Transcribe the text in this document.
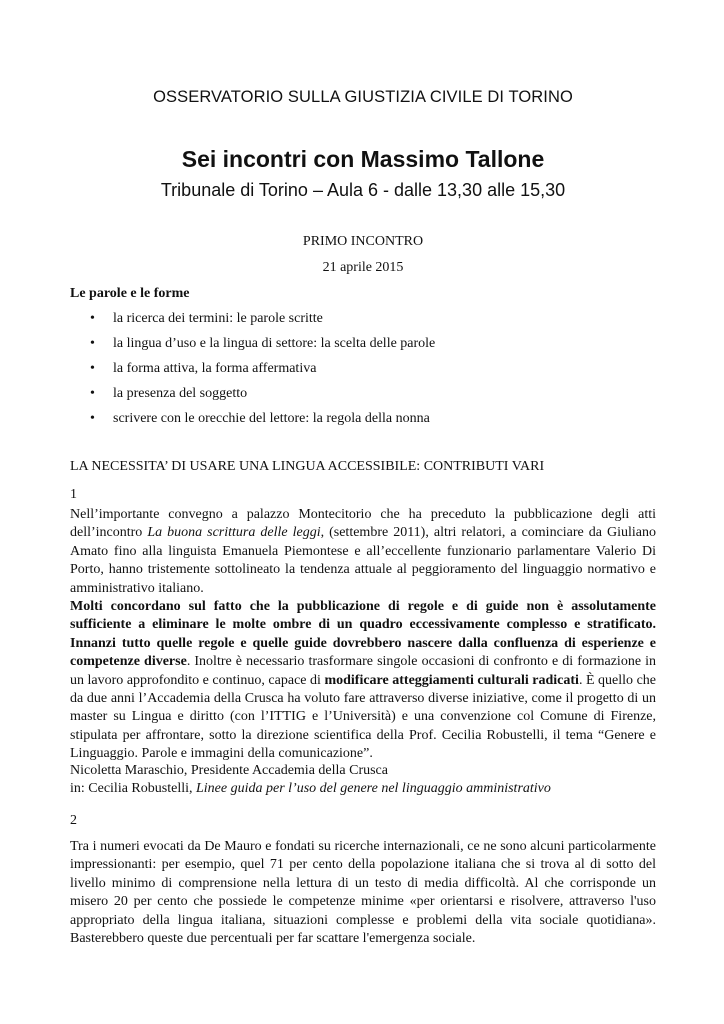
OSSERVATORIO SULLA GIUSTIZIA CIVILE DI TORINO
Sei incontri con Massimo Tallone
Tribunale di Torino – Aula 6 - dalle 13,30 alle 15,30
PRIMO INCONTRO
21 aprile 2015
Le parole e le forme
• la ricerca dei termini: le parole scritte
• la lingua d’uso e la lingua di settore: la scelta delle parole
• la forma attiva, la forma affermativa
• la presenza del soggetto
• scrivere con le orecchie del lettore: la regola della nonna
LA NECESSITA’ DI USARE UNA LINGUA ACCESSIBILE: CONTRIBUTI VARI
1

Nell’importante convegno a palazzo Montecitorio che ha preceduto la pubblicazione degli atti dell’incontro La buona scrittura delle leggi, (settembre 2011), altri relatori, a cominciare da Giuliano Amato fino alla linguista Emanuela Piemontese e all’eccellente funzionario parlamentare Valerio Di Porto, hanno tristemente sottolineato la tendenza attuale al peggioramento del linguaggio normativo e amministrativo italiano.

Molti concordano sul fatto che la pubblicazione di regole e di guide non è assolutamente sufficiente a eliminare le molte ombre di un quadro eccessivamente complesso e stratificato. Innanzi tutto quelle regole e quelle guide dovrebbero nascere dalla confluenza di esperienze e competenze diverse. Inoltre è necessario trasformare singole occasioni di confronto e di formazione in un lavoro approfondito e continuo, capace di modificare atteggiamenti culturali radicati. È quello che da due anni l’Accademia della Crusca ha voluto fare attraverso diverse iniziative, come il progetto di un master su Lingua e diritto (con l’ITTIG e l’Università) e una convenzione col Comune di Firenze, stipulata per affrontare, sotto la direzione scientifica della Prof. Cecilia Robustelli, il tema “Genere e Linguaggio. Parole e immagini della comunicazione”.

Nicoletta Maraschio, Presidente Accademia della Crusca
in: Cecilia Robustelli, Linee guida per l’uso del genere nel linguaggio amministrativo
2

Tra i numeri evocati da De Mauro e fondati su ricerche internazionali, ce ne sono alcuni particolarmente impressionanti: per esempio, quel 71 per cento della popolazione italiana che si trova al di sotto del livello minimo di comprensione nella lettura di un testo di media difficoltà. Al che corrisponde un misero 20 per cento che possiede le competenze minime «per orientarsi e risolvere, attraverso l'uso appropriato della lingua italiana, situazioni complesse e problemi della vita sociale quotidiana». Basterebbero queste due percentuali per far scattare l'emergenza sociale.
